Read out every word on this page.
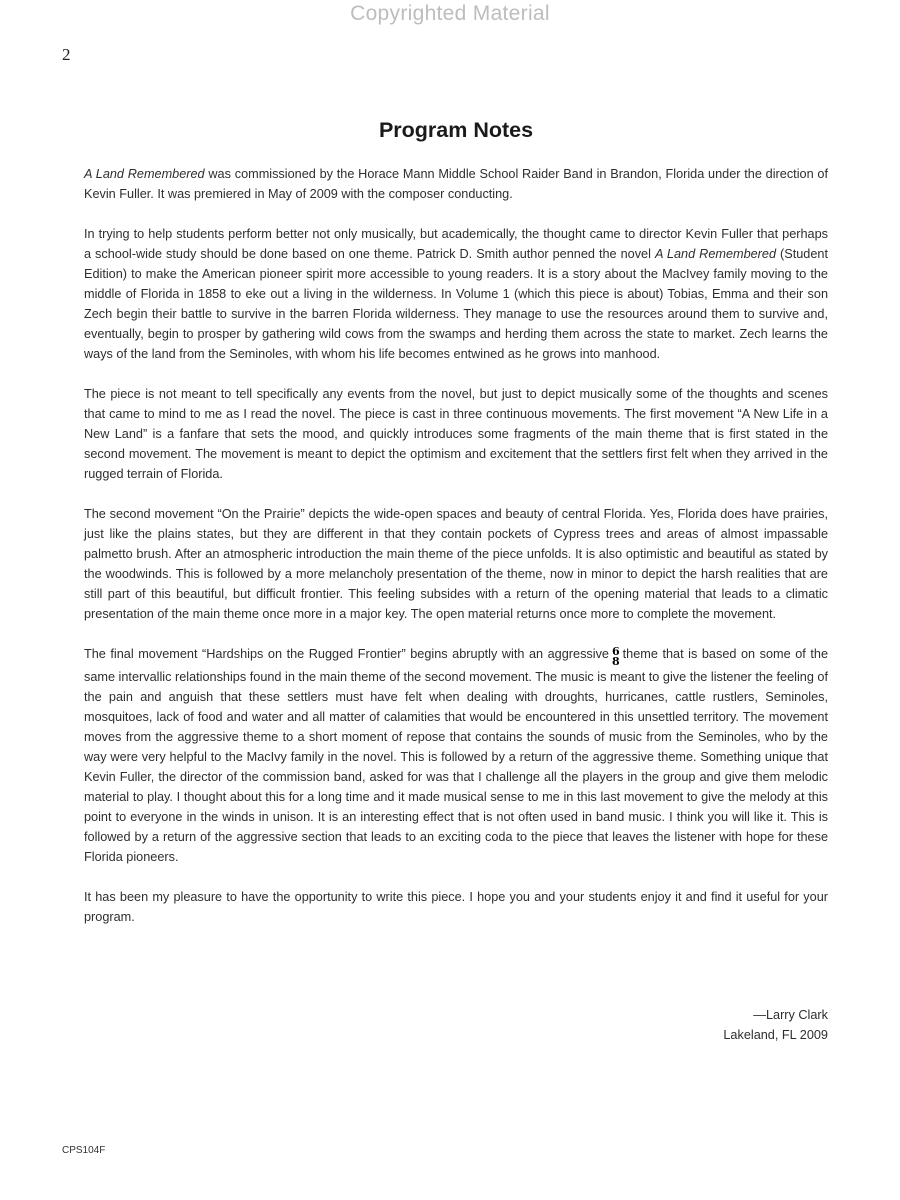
Copyrighted Material
2
Program Notes

A Land Remembered was commissioned by the Horace Mann Middle School Raider Band in Brandon, Florida under the direction of Kevin Fuller. It was premiered in May of 2009 with the composer conducting.

In trying to help students perform better not only musically, but academically, the thought came to director Kevin Fuller that perhaps a school-wide study should be done based on one theme. Patrick D. Smith author penned the novel A Land Remembered (Student Edition) to make the American pioneer spirit more accessible to young readers. It is a story about the MacIvey family moving to the middle of Florida in 1858 to eke out a living in the wilderness. In Volume 1 (which this piece is about) Tobias, Emma and their son Zech begin their battle to survive in the barren Florida wilderness. They manage to use the resources around them to survive and, eventually, begin to prosper by gathering wild cows from the swamps and herding them across the state to market. Zech learns the ways of the land from the Seminoles, with whom his life becomes entwined as he grows into manhood.

The piece is not meant to tell specifically any events from the novel, but just to depict musically some of the thoughts and scenes that came to mind to me as I read the novel. The piece is cast in three continuous movements. The first movement “A New Life in a New Land” is a fanfare that sets the mood, and quickly introduces some fragments of the main theme that is first stated in the second movement. The movement is meant to depict the optimism and excitement that the settlers first felt when they arrived in the rugged terrain of Florida.

The second movement “On the Prairie” depicts the wide-open spaces and beauty of central Florida. Yes, Florida does have prairies, just like the plains states, but they are different in that they contain pockets of Cypress trees and areas of almost impassable palmetto brush. After an atmospheric introduction the main theme of the piece unfolds. It is also optimistic and beautiful as stated by the woodwinds. This is followed by a more melancholy presentation of the theme, now in minor to depict the harsh realities that are still part of this beautiful, but difficult frontier. This feeling subsides with a return of the opening material that leads to a climatic presentation of the main theme once more in a major key. The open material returns once more to complete the movement.

The final movement “Hardships on the Rugged Frontier” begins abruptly with an aggressive 6
8
theme that is based on some of the same intervallic relationships found in the main theme of the second movement. The music is meant to give the listener the feeling of the pain and anguish that these settlers must have felt when dealing with droughts, hurricanes, cattle rustlers, Seminoles, mosquitoes, lack of food and water and all matter of calamities that would be encountered in this unsettled territory. The movement moves from the aggressive theme to a short moment of repose that contains the sounds of music from the Seminoles, who by the way were very helpful to the MacIvy family in the novel. This is followed by a return of the aggressive theme. Something unique that Kevin Fuller, the director of the commission band, asked for was that I challenge all the players in the group and give them melodic material to play. I thought about this for a long time and it made musical sense to me in this last movement to give the melody at this point to everyone in the winds in unison. It is an interesting effect that is not often used in band music. I think you will like it. This is followed by a return of the aggressive section that leads to an exciting coda to the piece that leaves the listener with hope for these Florida pioneers.

It has been my pleasure to have the opportunity to write this piece. I hope you and your students enjoy it and find it useful for your program.

—Larry Clark
Lakeland, FL 2009
CPS104F
